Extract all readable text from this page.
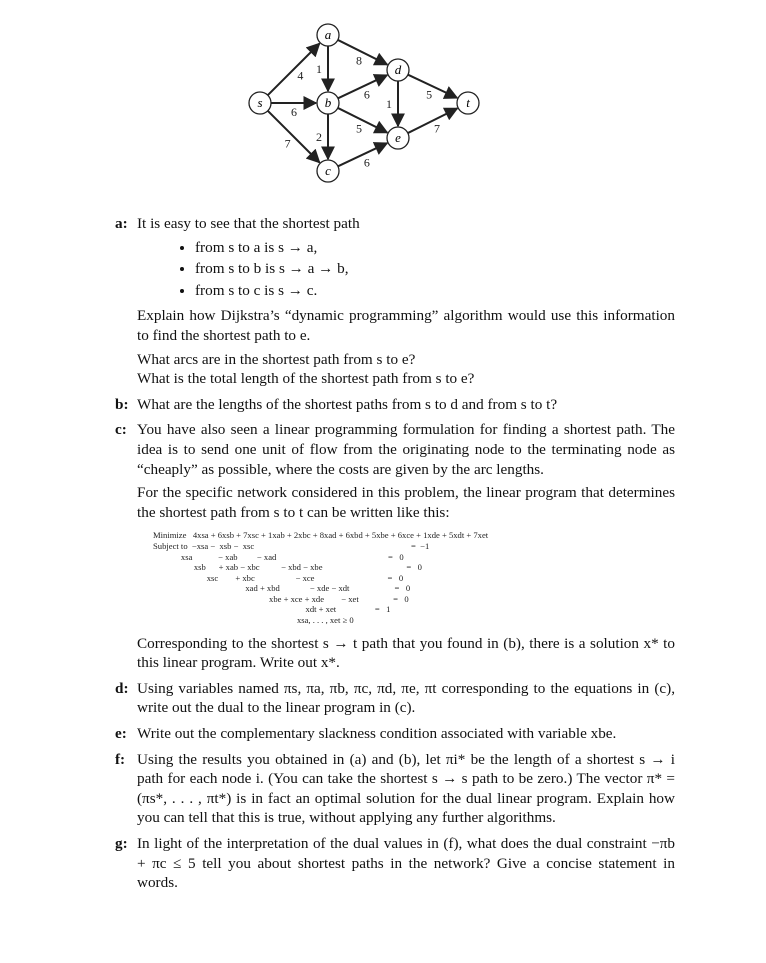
4
6
7
1
8
2
6
5
6
1
5
7
s
a
b
c
d
e
t
a: It is easy to see that the shortest path

• from s to a is s → a,
• from s to b is s → a → b,
• from s to c is s → c.

Explain how Dijkstra’s “dynamic programming” algorithm would use this information to find the shortest path to e.

What arcs are in the shortest path from s to e?

What is the total length of the shortest path from s to e?

b: What are the lengths of the shortest paths from s to d and from s to t?

c: You have also seen a linear programming formulation for finding a shortest path. The idea is to send one unit of flow from the originating node to the terminating node as “cheaply” as possible, where the costs are given by the arc lengths.

For the specific network considered in this problem, the linear program that determines the shortest path from s to t can be written like this:

Minimize   4xsa + 6xsb + 7xsc + 1xab + 2xbc + 8xad + 6xbd + 5xbe + 6xce + 1xde + 5xdt + 7xet
Subject to  −xsa −  xsb −  xsc                                                                         =  −1
xsa            − xab         − xad                                                    =   0
xsb      + xab − xbc          − xbd − xbe                                       =   0
xsc        + xbc                   − xce                                  =   0
xad + xbd              − xde − xdt                     =   0
xbe + xce + xde        − xet                =   0
xdt + xet                  =   1
xsa, . . . , xet ≥ 0

Corresponding to the shortest s → t path that you found in (b), there is a solution x* to this linear program. Write out x*.

d: Using variables named πs, πa, πb, πc, πd, πe, πt corresponding to the equations in (c), write out the dual to the linear program in (c).

e: Write out the complementary slackness condition associated with variable xbe.

f: Using the results you obtained in (a) and (b), let πi* be the length of a shortest s → i path for each node i. (You can take the shortest s → s path to be zero.) The vector π* = (πs*, . . . , πt*) is in fact an optimal solution for the dual linear program. Explain how you can tell that this is true, without applying any further algorithms.

g: In light of the interpretation of the dual values in (f), what does the dual constraint −πb + πc ≤ 5 tell you about shortest paths in the network? Give a concise statement in words.
